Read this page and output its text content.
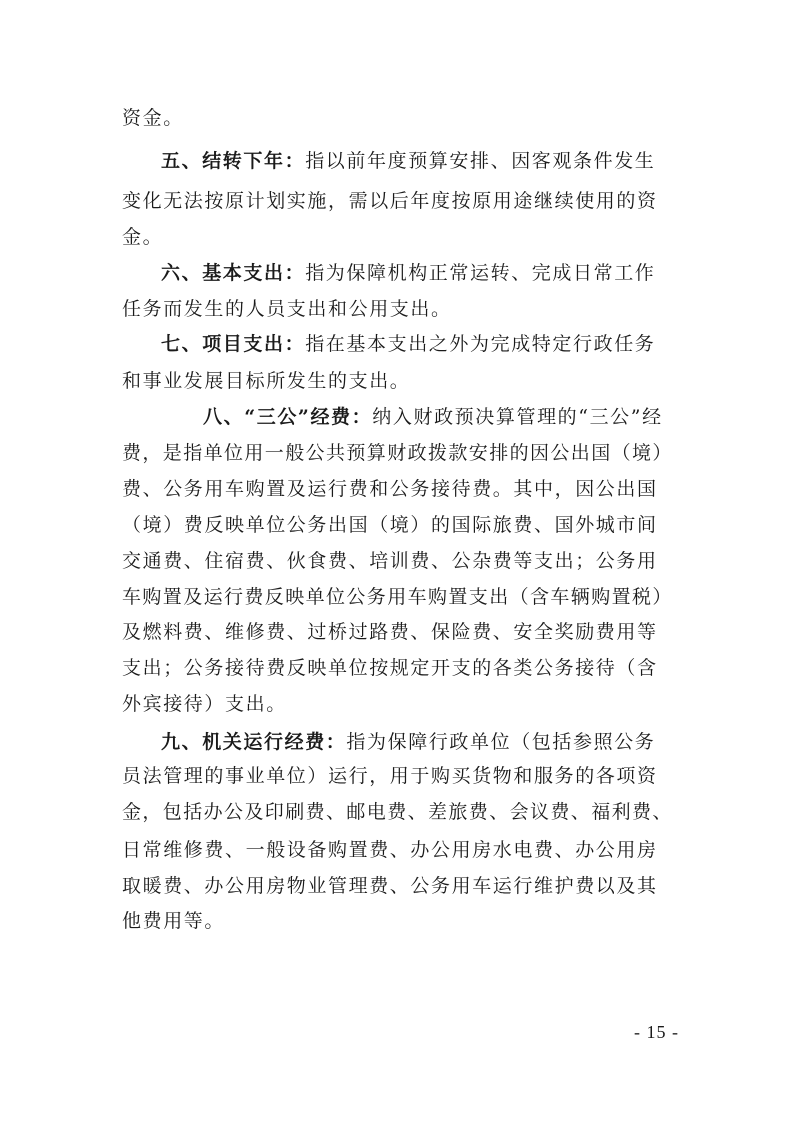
资金。
五、结转下年：指以前年度预算安排、因客观条件发生
变化无法按原计划实施，需以后年度按原用途继续使用的资
金。
六、基本支出：指为保障机构正常运转、完成日常工作
任务而发生的人员支出和公用支出。
七、项目支出：指在基本支出之外为完成特定行政任务
和事业发展目标所发生的支出。
八、“三公”经费：纳入财政预决算管理的“三公”经
费，是指单位用一般公共预算财政拨款安排的因公出国（境）
费、公务用车购置及运行费和公务接待费。其中，因公出国
（境）费反映单位公务出国（境）的国际旅费、国外城市间
交通费、住宿费、伙食费、培训费、公杂费等支出；公务用
车购置及运行费反映单位公务用车购置支出（含车辆购置税）
及燃料费、维修费、过桥过路费、保险费、安全奖励费用等
支出；公务接待费反映单位按规定开支的各类公务接待（含
外宾接待）支出。
九、机关运行经费：指为保障行政单位（包括参照公务
员法管理的事业单位）运行，用于购买货物和服务的各项资
金，包括办公及印刷费、邮电费、差旅费、会议费、福利费、
日常维修费、一般设备购置费、办公用房水电费、办公用房
取暖费、办公用房物业管理费、公务用车运行维护费以及其
他费用等。
- 15 -
